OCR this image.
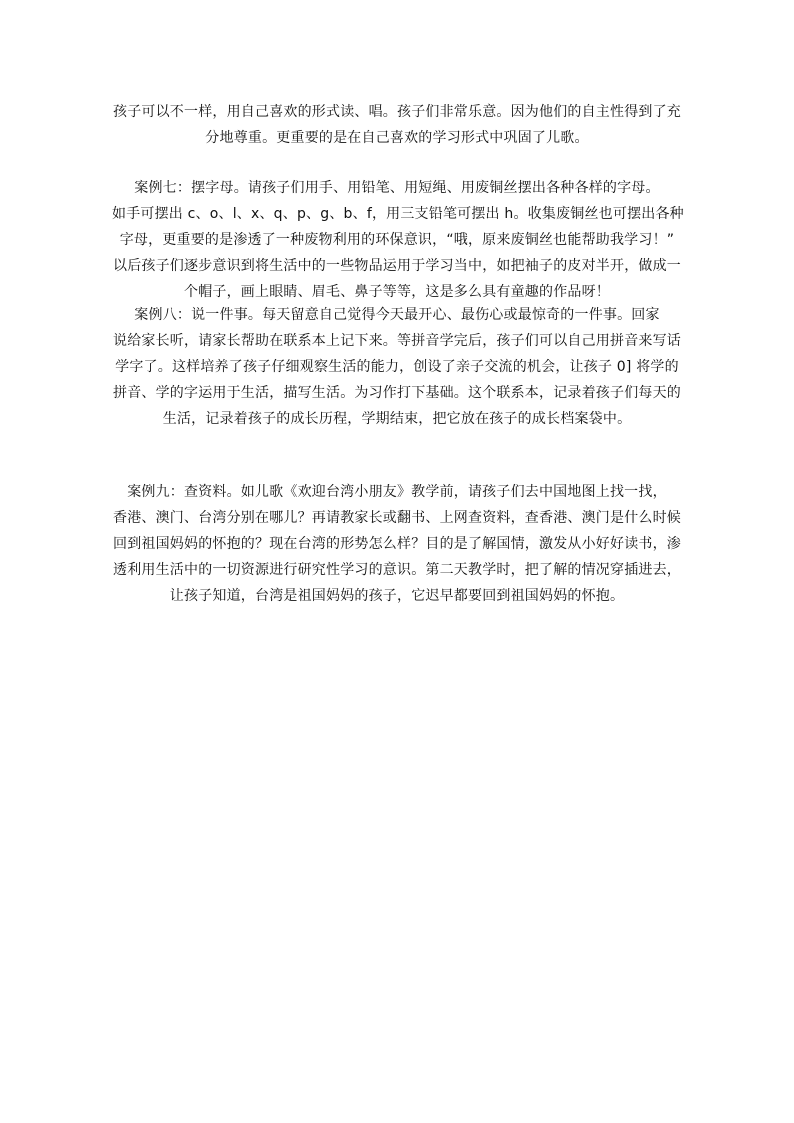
孩子可以不一样，用自己喜欢的形式读、唱。孩子们非常乐意。因为他们的自主性得到了充
分地尊重。更重要的是在自己喜欢的学习形式中巩固了儿歌。
案例七：摆字母。请孩子们用手、用铅笔、用短绳、用废铜丝摆出各种各样的字母。
如手可摆出 c、o、l、x、q、p、g、b、f，用三支铅笔可摆出 h。收集废铜丝也可摆出各种
字母，更重要的是渗透了一种废物利用的环保意识，“哦，原来废铜丝也能帮助我学习！”
以后孩子们逐步意识到将生活中的一些物品运用于学习当中，如把袖子的皮对半开，做成一
个帽子，画上眼睛、眉毛、鼻子等等，这是多么具有童趣的作品呀！
案例八：说一件事。每天留意自己觉得今天最开心、最伤心或最惊奇的一件事。回家
说给家长听，请家长帮助在联系本上记下来。等拼音学完后，孩子们可以自己用拼音来写话
学字了。这样培养了孩子仔细观察生活的能力，创设了亲子交流的机会，让孩子 0] 将学的
拼音、学的字运用于生活，描写生活。为习作打下基础。这个联系本，记录着孩子们每天的
生活，记录着孩子的成长历程，学期结束，把它放在孩子的成长档案袋中。
案例九：查资料。如儿歌《欢迎台湾小朋友》教学前，请孩子们去中国地图上找一找，
香港、澳门、台湾分别在哪儿？再请教家长或翻书、上网查资料，查香港、澳门是什么时候
回到祖国妈妈的怀抱的？现在台湾的形势怎么样？目的是了解国情，激发从小好好读书，渗
透利用生活中的一切资源进行研究性学习的意识。第二天教学时，把了解的情况穿插进去，
让孩子知道，台湾是祖国妈妈的孩子，它迟早都要回到祖国妈妈的怀抱。
